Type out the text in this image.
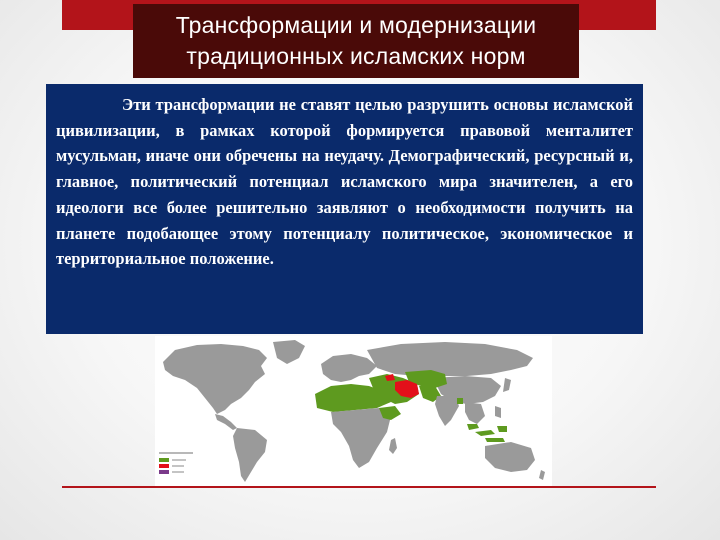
Трансформации и модернизации
традиционных исламских норм

Эти трансформации не ставят целью разрушить основы исламской цивилизации, в рамках которой формируется правовой менталитет мусульман, иначе они обречены на неудачу. Демографический, ресурсный и, главное, политический потенциал исламского мира значителен, а его идеологи все более решительно заявляют о необходимости получить на планете подобающее этому потенциалу политическое, экономическое и территориальное положение.
